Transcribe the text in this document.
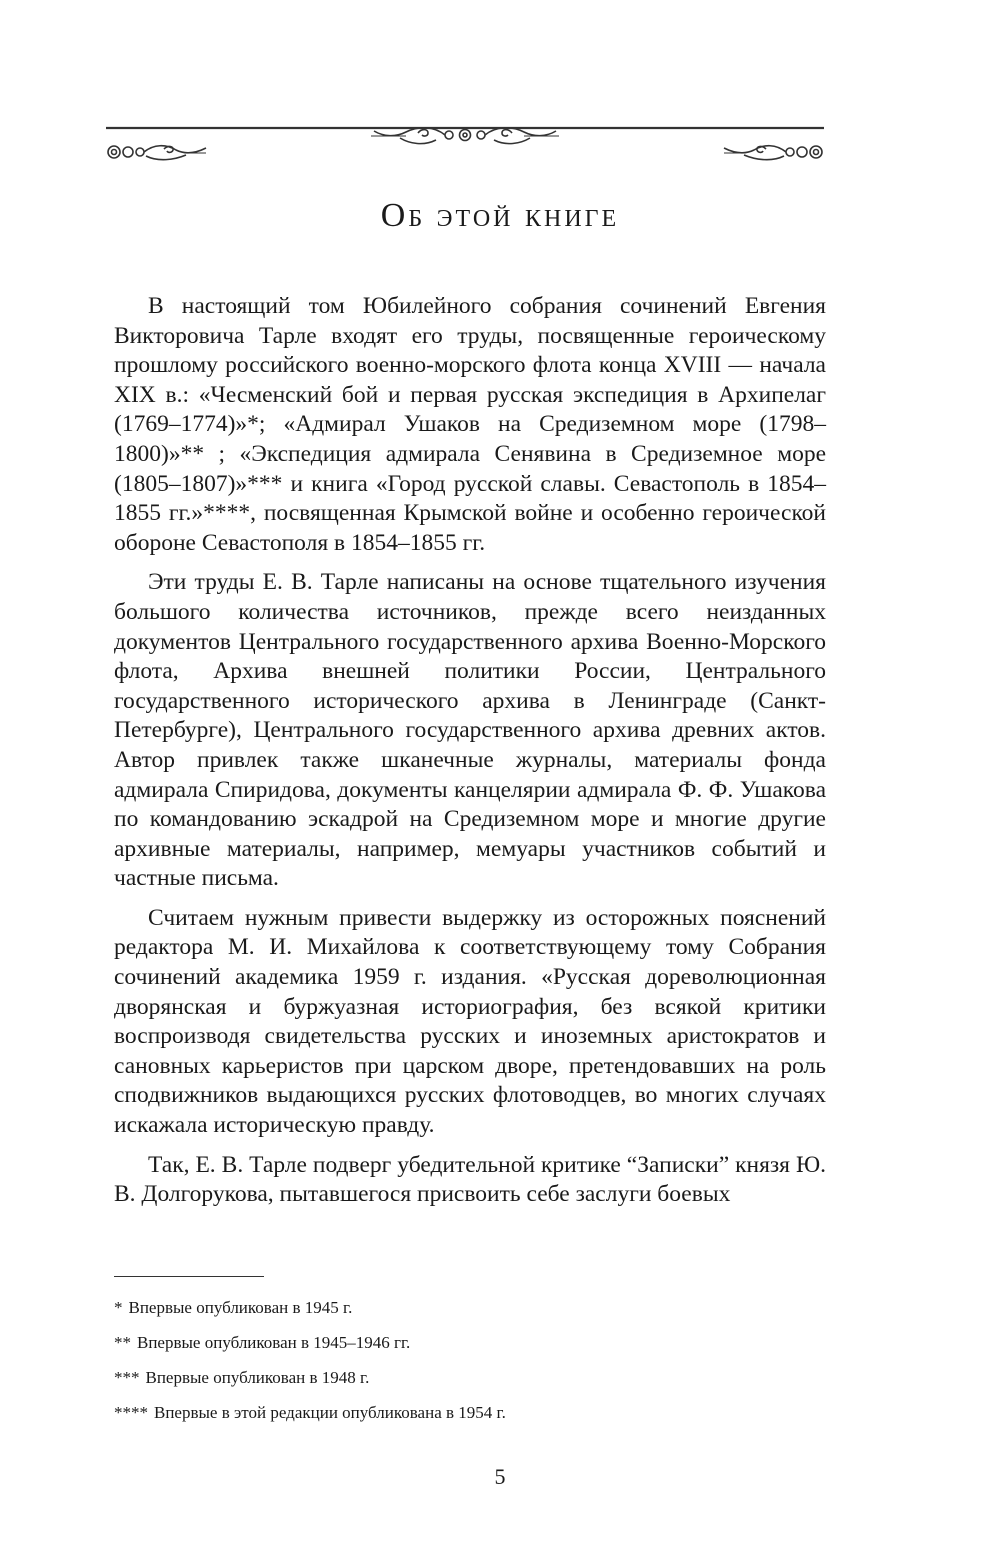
Об этой книге

В настоящий том Юбилейного собрания сочинений Евгения Викторовича Тарле входят его труды, посвященные героическому прошлому российского военно-морского флота конца XVIII — начала XIX в.: «Чесменский бой и первая русская экспедиция в Архипелаг (1769–1774)»*; «Адмирал Ушаков на Средиземном море (1798–1800)»** ; «Экспедиция адмирала Сенявина в Средиземное море (1805–1807)»*** и книга «Город русской славы. Севастополь в 1854–1855 гг.»****, посвященная Крымской войне и особенно героической обороне Севастополя в 1854–1855 гг.

Эти труды Е. В. Тарле написаны на основе тщательного изучения большого количества источников, прежде всего неизданных документов Центрального государственного архива Военно-Морского флота, Архива внешней политики России, Центрального государственного исторического архива в Ленинграде (Санкт-Петербурге), Центрального государственного архива древних актов. Автор привлек также шканечные журналы, материалы фонда адмирала Спиридова, документы канцелярии адмирала Ф. Ф. Ушакова по командованию эскадрой на Средиземном море и многие другие архивные материалы, например, мемуары участников событий и частные письма.

Считаем нужным привести выдержку из осторожных пояснений редактора М. И. Михайлова к соответствующему тому Собрания сочинений академика 1959 г. издания. «Русская дореволюционная дворянская и буржуазная историография, без всякой критики воспроизводя свидетельства русских и иноземных аристократов и сановных карьеристов при царском дворе, претендовавших на роль сподвижников выдающихся русских флотоводцев, во многих случаях искажала историческую правду.

Так, Е. В. Тарле подверг убедительной критике “Записки” князя Ю. В. Долгорукова, пытавшегося присвоить себе заслуги боевых

* Впервые опубликован в 1945 г.

** Впервые опубликован в 1945–1946 гг.

*** Впервые опубликован в 1948 г.

**** Впервые в этой редакции опубликована в 1954 г.

5
